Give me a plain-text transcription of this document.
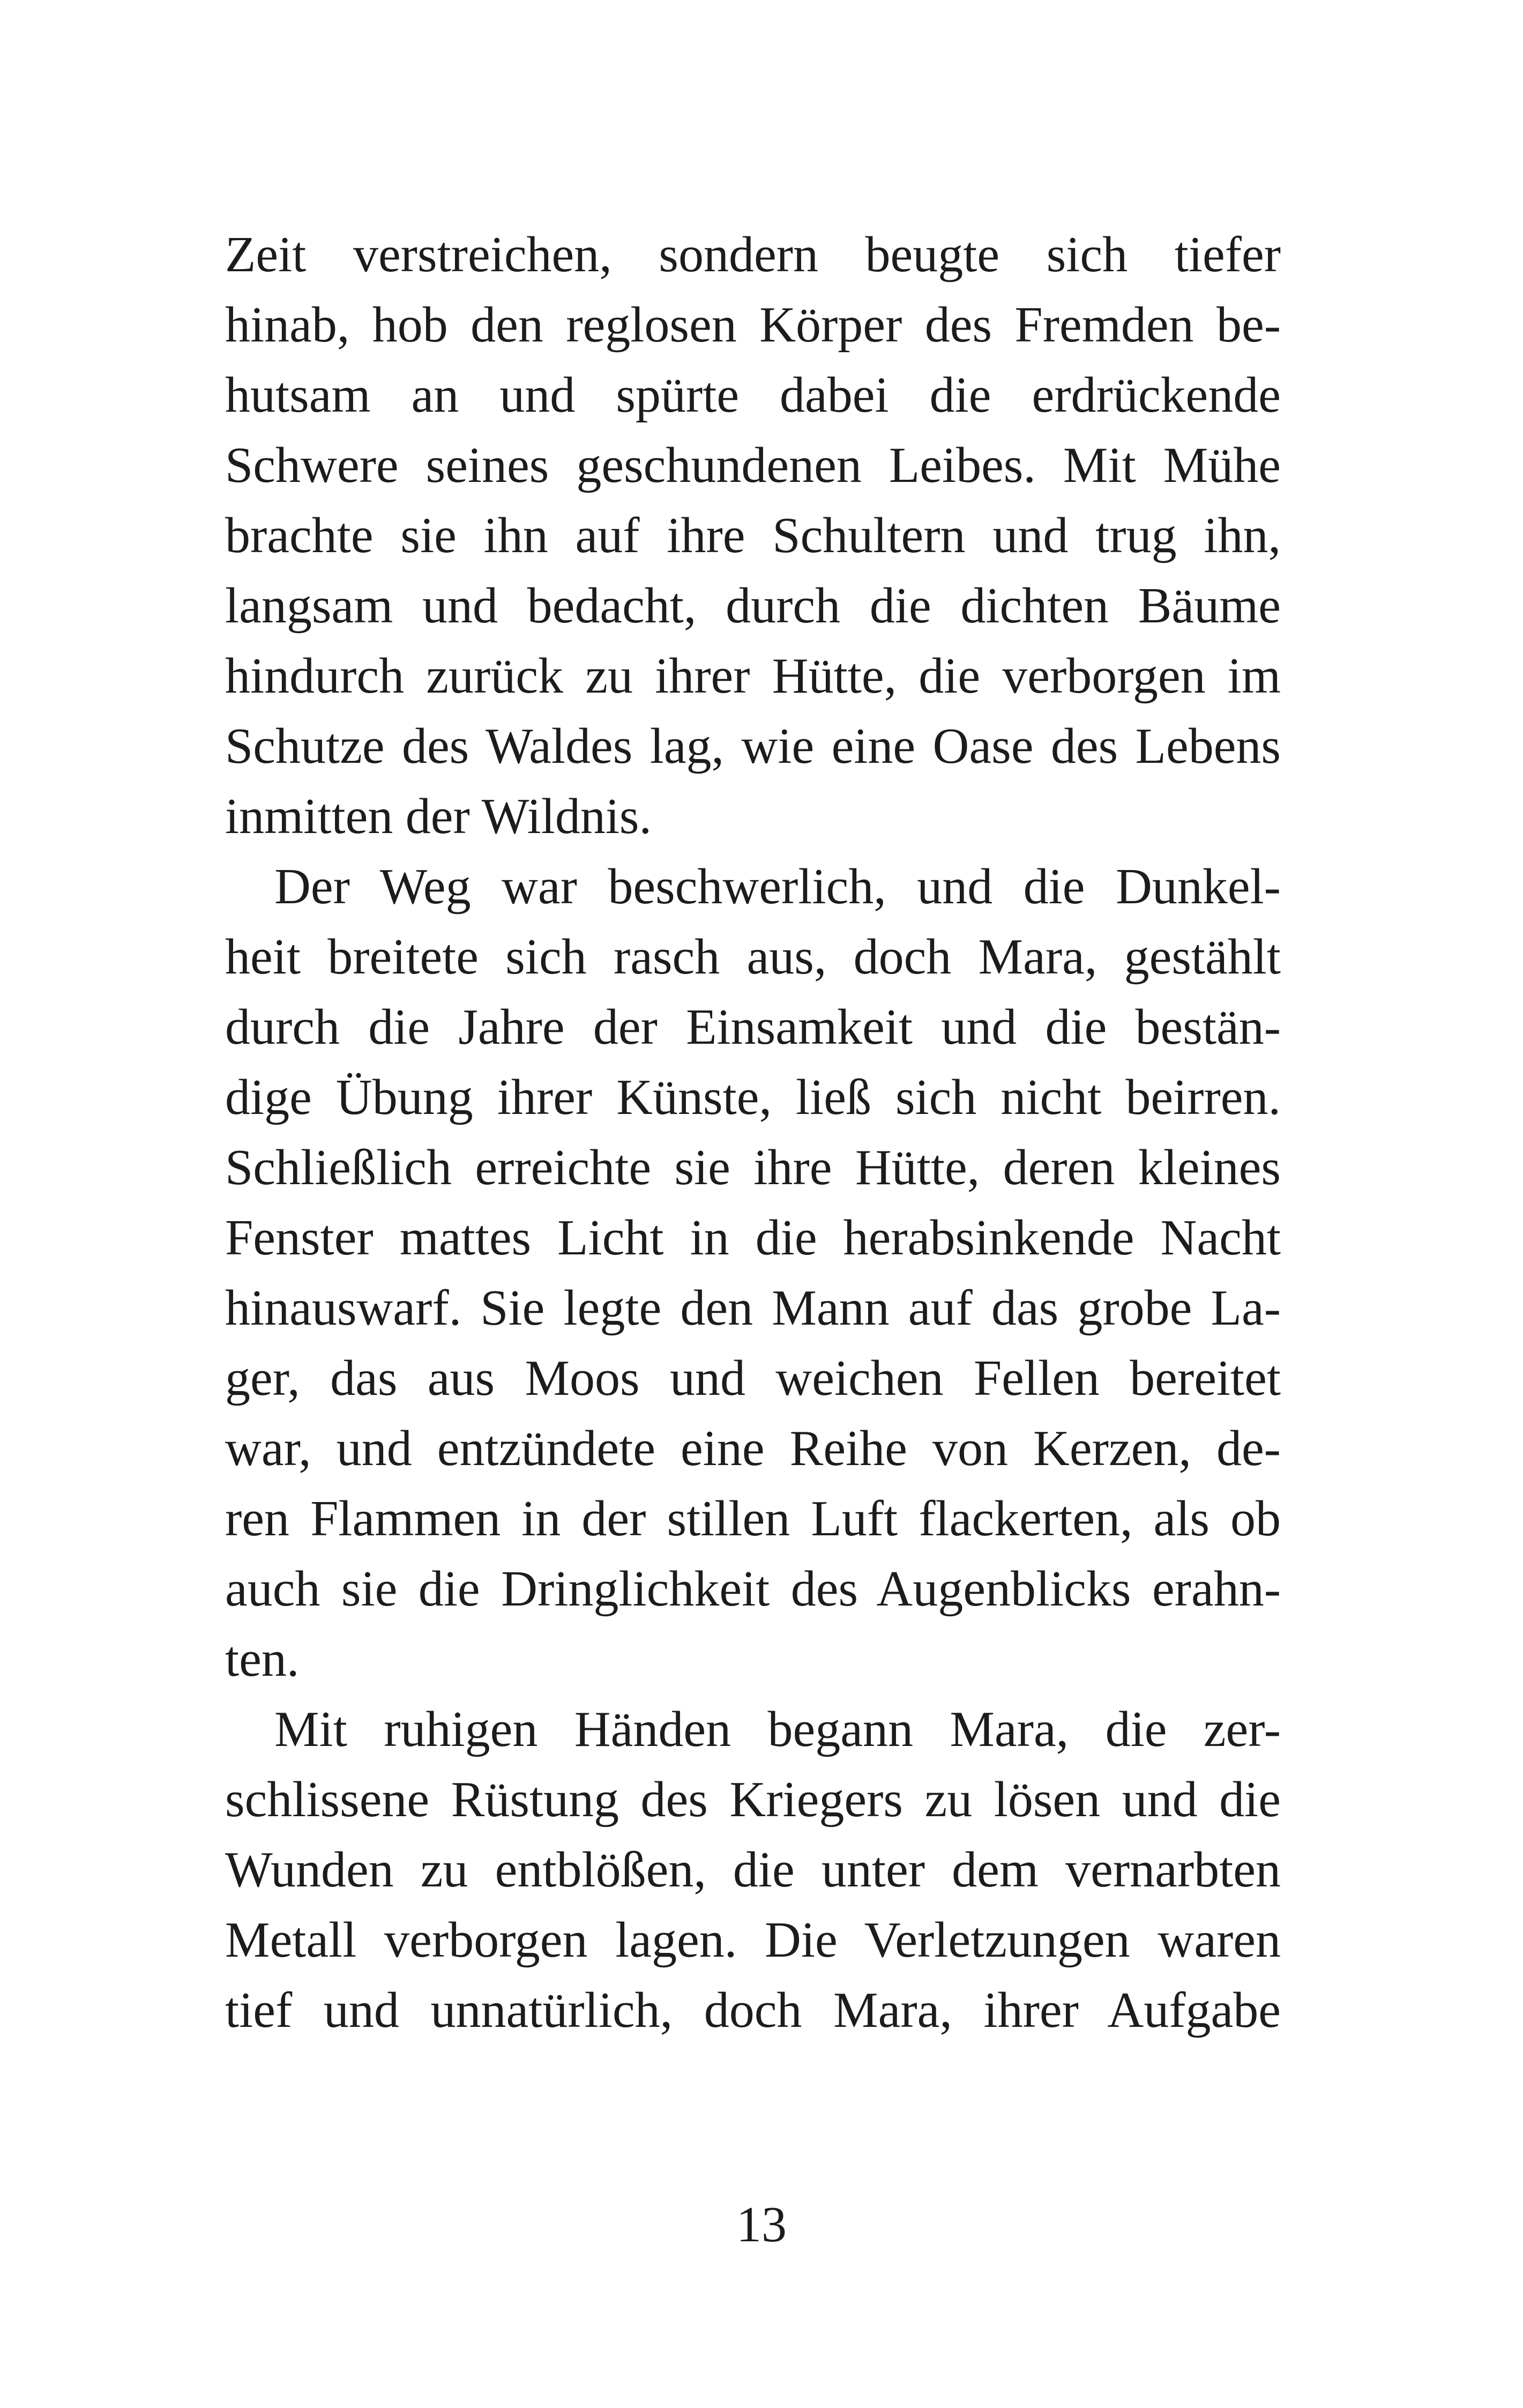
Zeit verstreichen, sondern beugte sich tiefer
hinab, hob den reglosen Körper des Fremden be-
hutsam an und spürte dabei die erdrückende
Schwere seines geschundenen Leibes. Mit Mühe
brachte sie ihn auf ihre Schultern und trug ihn,
langsam und bedacht, durch die dichten Bäume
hindurch zurück zu ihrer Hütte, die verborgen im
Schutze des Waldes lag, wie eine Oase des Lebens
inmitten der Wildnis.
Der Weg war beschwerlich, und die Dunkel-
heit breitete sich rasch aus, doch Mara, gestählt
durch die Jahre der Einsamkeit und die bestän-
dige Übung ihrer Künste, ließ sich nicht beirren.
Schließlich erreichte sie ihre Hütte, deren kleines
Fenster mattes Licht in die herabsinkende Nacht
hinauswarf. Sie legte den Mann auf das grobe La-
ger, das aus Moos und weichen Fellen bereitet
war, und entzündete eine Reihe von Kerzen, de-
ren Flammen in der stillen Luft flackerten, als ob
auch sie die Dringlichkeit des Augenblicks erahn-
ten.
Mit ruhigen Händen begann Mara, die zer-
schlissene Rüstung des Kriegers zu lösen und die
Wunden zu entblößen, die unter dem vernarbten
Metall verborgen lagen. Die Verletzungen waren
tief und unnatürlich, doch Mara, ihrer Aufgabe
13
